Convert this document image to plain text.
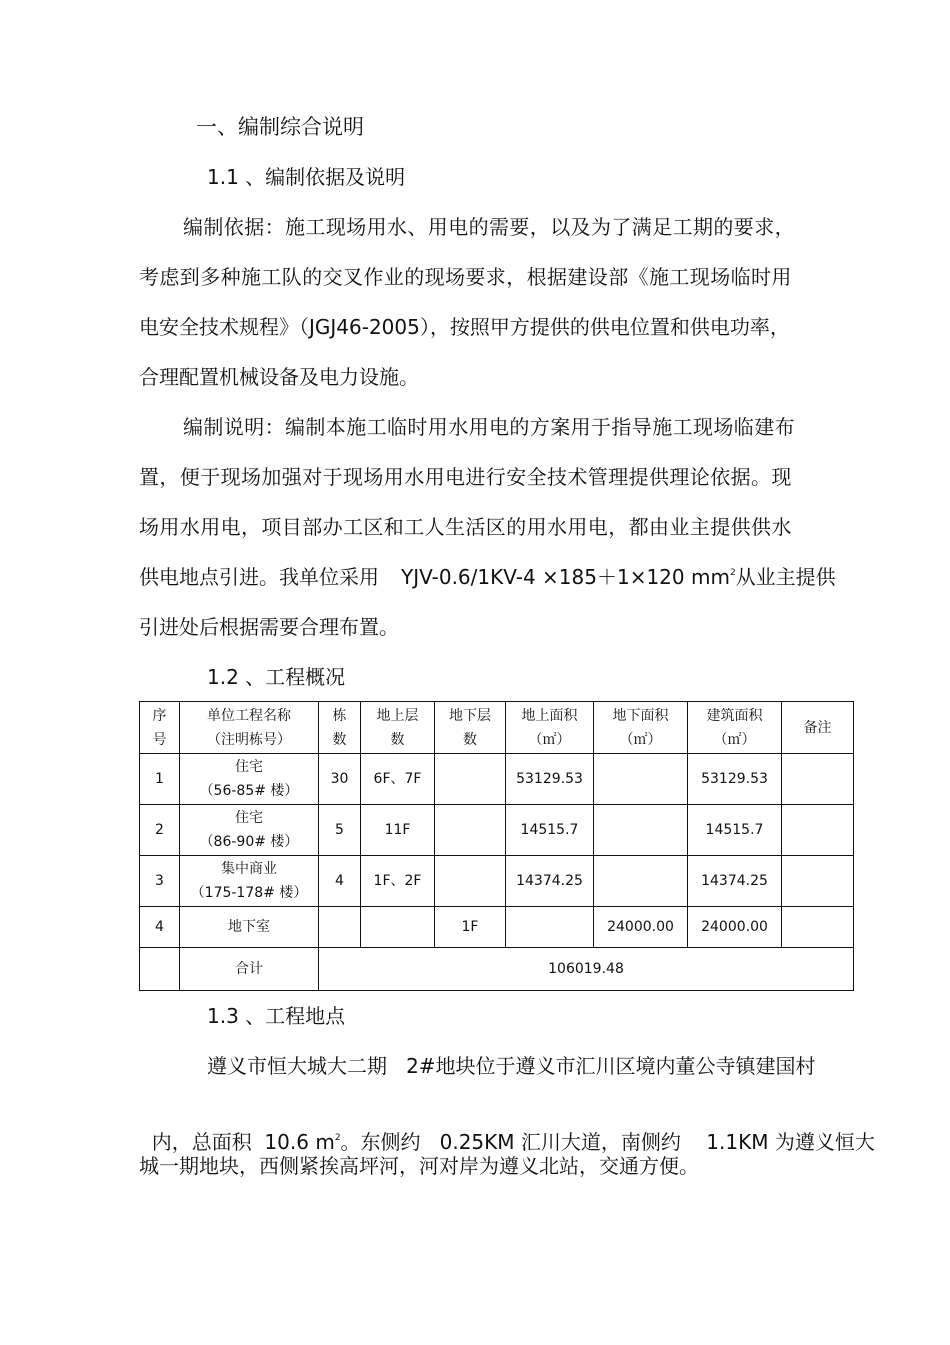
一、编制综合说明
1.1 、编制依据及说明
编制依据：施工现场用水、用电的需要，以及为了满足工期的要求，
考虑到多种施工队的交叉作业的现场要求，根据建设部《施工现场临时用
电安全技术规程》（JGJ46-2005），按照甲方提供的供电位置和供电功率，
合理配置机械设备及电力设施。
编制说明：编制本施工临时用水用电的方案用于指导施工现场临建布
置，便于现场加强对于现场用水用电进行安全技术管理提供理论依据。现
场用水用电，项目部办工区和工人生活区的用水用电，都由业主提供供水
供电地点引进。我单位采用 YJV-0.6/1KV-4 ×185＋1×120 $mm^2$从业主提供
引进处后根据需要合理布置。
1.2 、工程概况
序
号	单位工程名称
（注明栋号）	栋
数	地上层
数	地下层
数	地上面积
（㎡）	地下面积
（㎡）	建筑面积
（㎡）	备注
1	住宅
（56-85# 楼）	30	6F、7F		53129.53		53129.53	
2	住宅
（86-90# 楼）	5	11F		14515.7		14515.7	
3	集中商业
（175-178# 楼）	4	1F、2F		14374.25		14374.25	
4	地下室			1F		24000.00	24000.00	
	合计	106019.48						
1.3 、工程地点
遵义市恒大城大二期   2#地块位于遵义市汇川区境内董公寺镇建国村

内，总面积  10.6 $m^2$。东侧约   0.25KM 汇川大道，南侧约    1.1KM 为遵义恒大

城一期地块，西侧紧挨高坪河，河对岸为遵义北站，交通方便。
